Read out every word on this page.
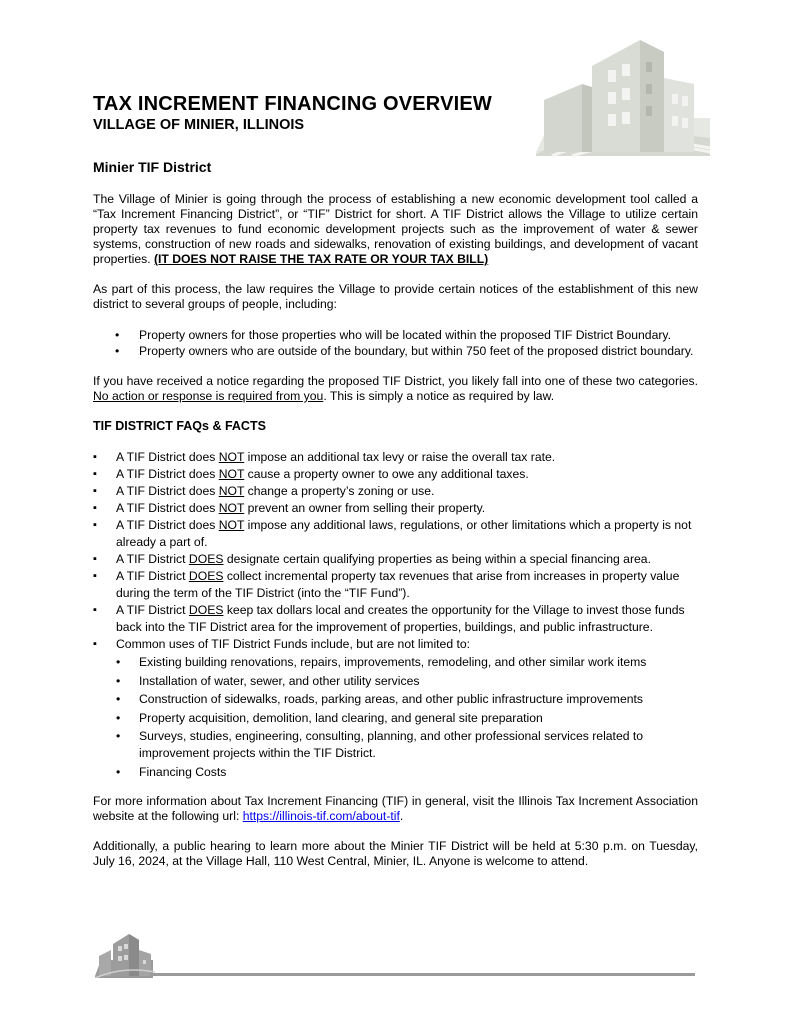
TAX INCREMENT FINANCING OVERVIEW
VILLAGE OF MINIER, ILLINOIS
Minier TIF District

The Village of Minier is going through the process of establishing a new economic development tool called a “Tax Increment Financing District”, or “TIF” District for short. A TIF District allows the Village to utilize certain property tax revenues to fund economic development projects such as the improvement of water & sewer systems, construction of new roads and sidewalks, renovation of existing buildings, and development of vacant properties. (IT DOES NOT RAISE THE TAX RATE OR YOUR TAX BILL)

As part of this process, the law requires the Village to provide certain notices of the establishment of this new district to several groups of people, including:

• Property owners for those properties who will be located within the proposed TIF District Boundary.
• Property owners who are outside of the boundary, but within 750 feet of the proposed district boundary.

If you have received a notice regarding the proposed TIF District, you likely fall into one of these two categories. No action or response is required from you. This is simply a notice as required by law.

TIF DISTRICT FAQs & FACTS

▪ A TIF District does NOT impose an additional tax levy or raise the overall tax rate.
▪ A TIF District does NOT cause a property owner to owe any additional taxes.
▪ A TIF District does NOT change a property’s zoning or use.
▪ A TIF District does NOT prevent an owner from selling their property.
▪ A TIF District does NOT impose any additional laws, regulations, or other limitations which a property is not already a part of.
▪ A TIF District DOES designate certain qualifying properties as being within a special financing area.
▪ A TIF District DOES collect incremental property tax revenues that arise from increases in property value during the term of the TIF District (into the “TIF Fund”).
▪ A TIF District DOES keep tax dollars local and creates the opportunity for the Village to invest those funds back into the TIF District area for the improvement of properties, buildings, and public infrastructure.
▪ Common uses of TIF District Funds include, but are not limited to:
• Existing building renovations, repairs, improvements, remodeling, and other similar work items
• Installation of water, sewer, and other utility services
• Construction of sidewalks, roads, parking areas, and other public infrastructure improvements
• Property acquisition, demolition, land clearing, and general site preparation
• Surveys, studies, engineering, consulting, planning, and other professional services related to improvement projects within the TIF District.
• Financing Costs

For more information about Tax Increment Financing (TIF) in general, visit the Illinois Tax Increment Association website at the following url: https://illinois-tif.com/about-tif.

Additionally, a public hearing to learn more about the Minier TIF District will be held at 5:30 p.m. on Tuesday, July 16, 2024, at the Village Hall, 110 West Central, Minier, IL. Anyone is welcome to attend.
